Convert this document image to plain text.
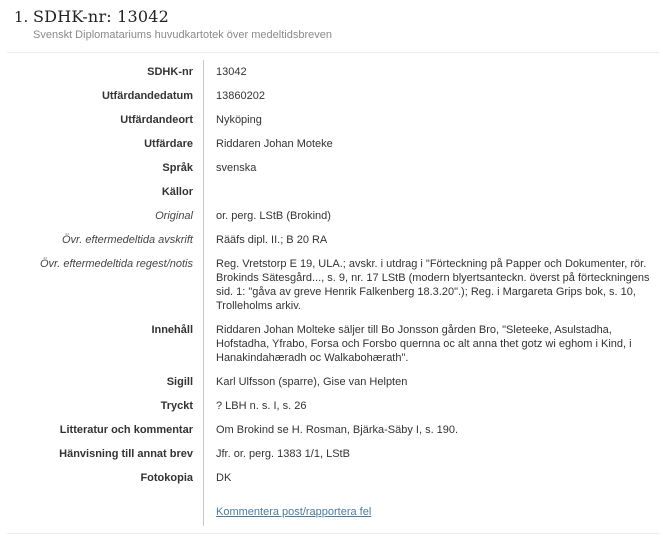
1. SDHK-nr: 13042
Svenskt Diplomatariums huvudkartotek över medeltidsbreven
SDHK-nr	13042
Utfärdandedatum	13860202
Utfärdandeort	Nyköping
Utfärdare	Riddaren Johan Moteke
Språk	svenska
Källor
Original	or. perg. LStB (Brokind)
Övr. eftermedeltida avskrift	Rääfs dipl. II.; B 20 RA
Övr. eftermedeltida regest/notis	Reg. Vretstorp E 19, ULA.; avskr. i utdrag i "Förteckning på Papper och Dokumenter, rör. Brokinds Sätesgård..., s. 9, nr. 17 LStB (modern blyertsanteckn. överst på förteckningens sid. 1: "gåva av greve Henrik Falkenberg 18.3.20".); Reg. i Margareta Grips bok, s. 10, Trolleholms arkiv.
Innehåll	Riddaren Johan Molteke säljer till Bo Jonsson gården Bro, "Sleteeke, Asulstadha, Hofstadha, Yfrabo, Forsa och Forsbo quernna oc alt anna thet gotz wi eghom i Kind, i Hanakindahæradh oc Walkabohærath".
Sigill	Karl Ulfsson (sparre), Gise van Helpten
Tryckt	? LBH n. s. I, s. 26
Litteratur och kommentar	Om Brokind se H. Rosman, Bjärka-Säby I, s. 190.
Hänvisning till annat brev	Jfr. or. perg. 1383 1/1, LStB
Fotokopia	DK
Kommentera post/rapportera fel
